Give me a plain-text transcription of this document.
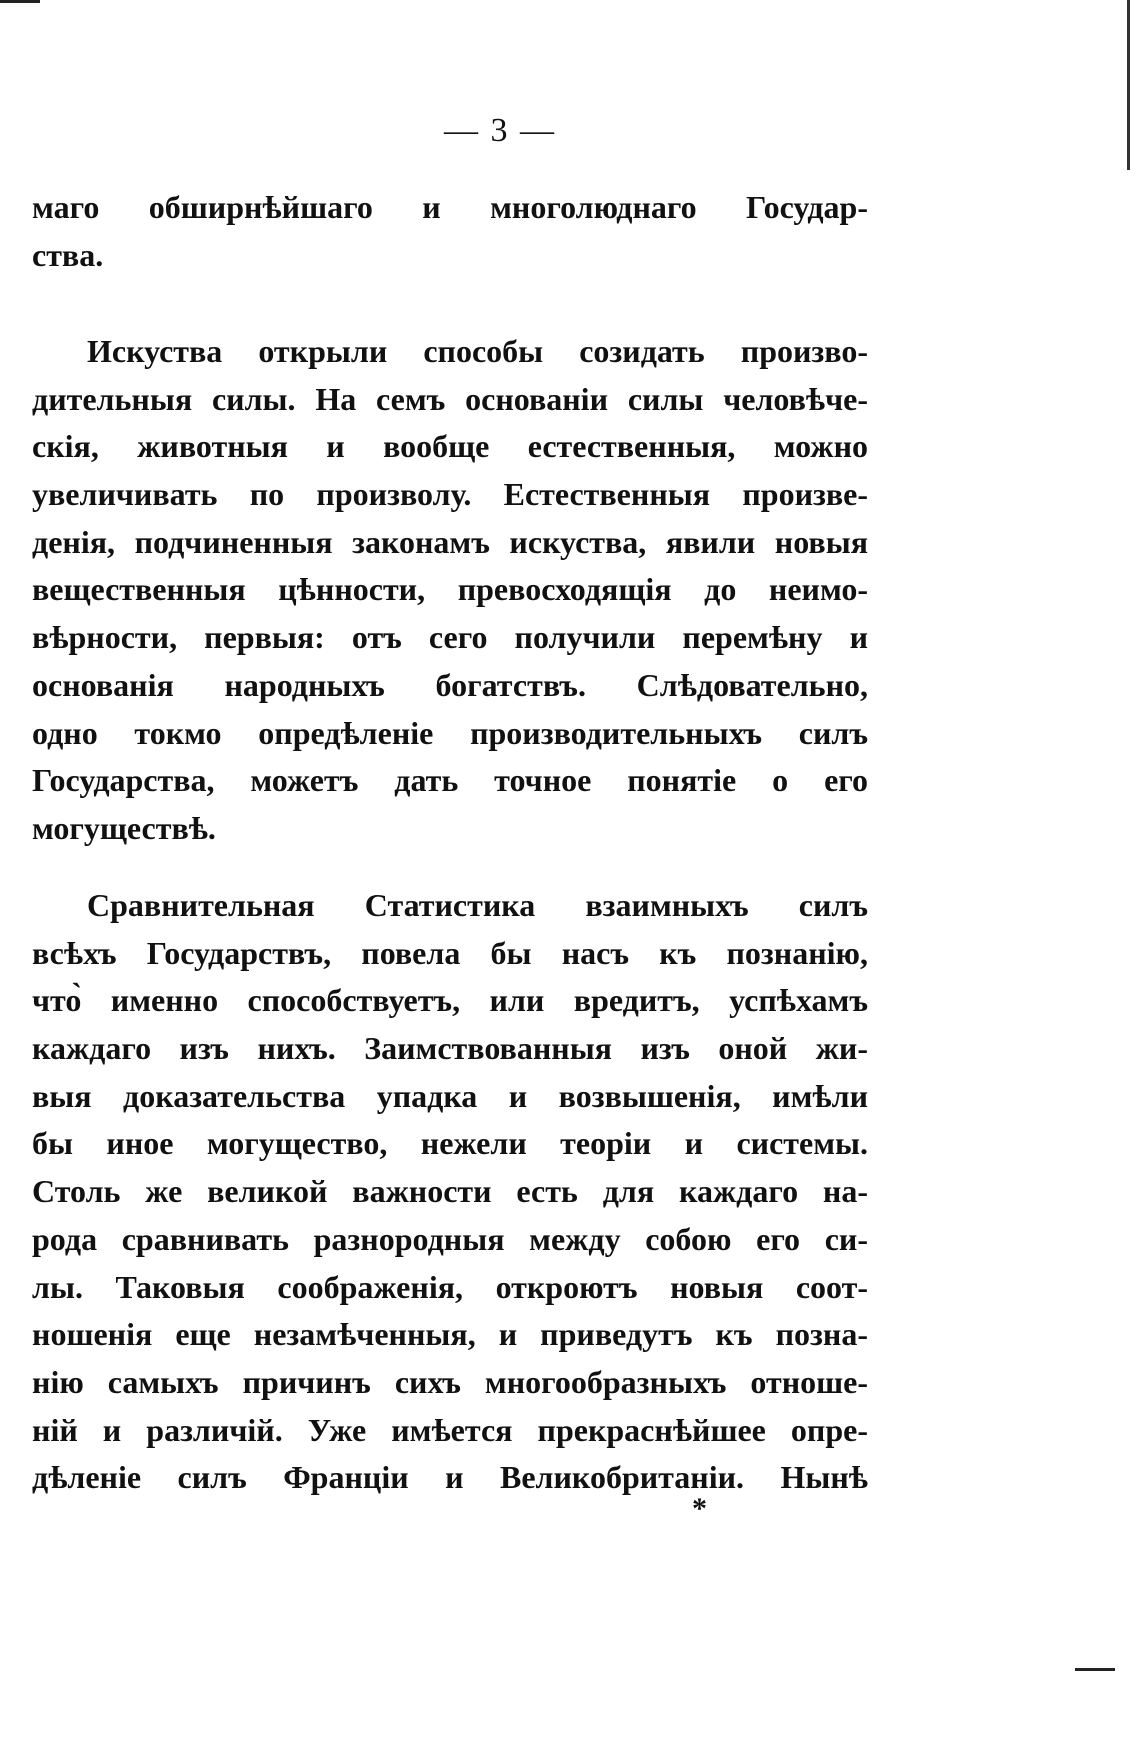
— 3 —
маго обширнѣйшаго и многолюднаго Государ-
ства.
Искуства открыли способы созидать произво-
дительныя силы. На семъ основаніи силы человѣче-
скія, животныя и вообще естественныя, можно
увеличивать по произволу. Естественныя произве-
денія, подчиненныя законамъ искуства, явили новыя
вещественныя цѣнности, превосходящія до неимо-
вѣрности, первыя: отъ сего получили перемѣну и
основанія народныхъ богатствъ. Слѣдовательно,
одно токмо опредѣленіе производительныхъ силъ
Государства, можетъ дать точное понятіе о его
могуществѣ.
Сравнительная Статистика взаимныхъ силъ
всѣхъ Государствъ, повела бы насъ къ познанію,
что̀ именно способствуетъ, или вредитъ, успѣхамъ
каждаго изъ нихъ. Заимствованныя изъ оной жи-
выя доказательства упадка и возвышенія, имѣли
бы иное могущество, нежели теоріи и системы.
Столь же великой важности есть для каждаго на-
рода сравнивать разнородныя между собою его си-
лы. Таковыя соображенія, откроютъ новыя соот-
ношенія еще незамѣченныя, и приведутъ къ позна-
нію самыхъ причинъ сихъ многообразныхъ отноше-
ній и различій. Уже имѣется прекраснѣйшее опре-
дѣленіе силъ Франціи и Великобританіи. Нынѣ
*
